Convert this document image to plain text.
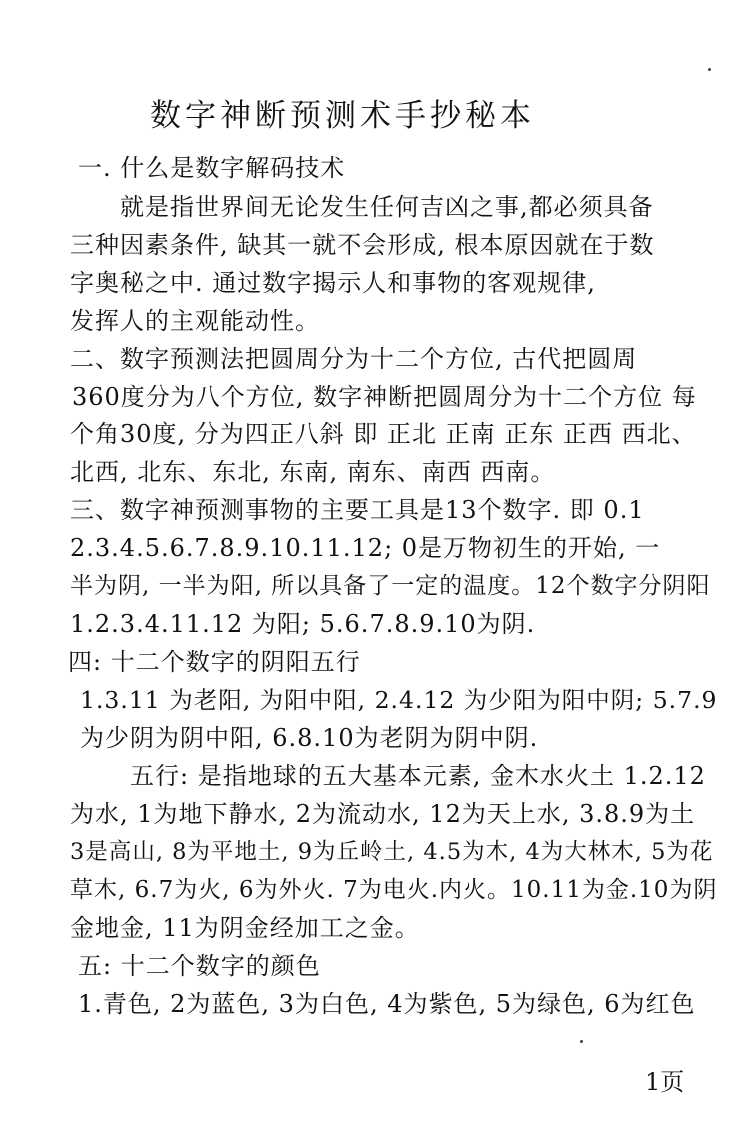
数字神断预测术手抄秘本
一. 什么是数字解码技术
就是指世界间无论发生任何吉凶之事,都必须具备
三种因素条件, 缺其一就不会形成, 根本原因就在于数
字奥秘之中. 通过数字揭示人和事物的客观规律,
发挥人的主观能动性。
二、数字预测法把圆周分为十二个方位, 古代把圆周
360度分为八个方位, 数字神断把圆周分为十二个方位 每
个角30度, 分为四正八斜 即 正北 正南 正东 正西 西北、
北西, 北东、东北, 东南, 南东、南西 西南。
三、数字神预测事物的主要工具是13个数字. 即 0.1
2.3.4.5.6.7.8.9.10.11.12; 0是万物初生的开始, 一
半为阴, 一半为阳, 所以具备了一定的温度。12个数字分阴阳
1.2.3.4.11.12 为阳; 5.6.7.8.9.10为阴.
四: 十二个数字的阴阳五行
1.3.11 为老阳, 为阳中阳, 2.4.12 为少阳为阳中阴; 5.7.9
为少阴为阴中阳, 6.8.10为老阴为阴中阴.
五行: 是指地球的五大基本元素, 金木水火土 1.2.12
为水, 1为地下静水, 2为流动水, 12为天上水, 3.8.9为土
3是高山, 8为平地土, 9为丘岭土, 4.5为木, 4为大林木, 5为花
草木, 6.7为火, 6为外火. 7为电火.内火。10.11为金.10为阴
金地金, 11为阴金经加工之金。
五: 十二个数字的颜色
1.青色, 2为蓝色, 3为白色, 4为紫色, 5为绿色, 6为红色
1页
